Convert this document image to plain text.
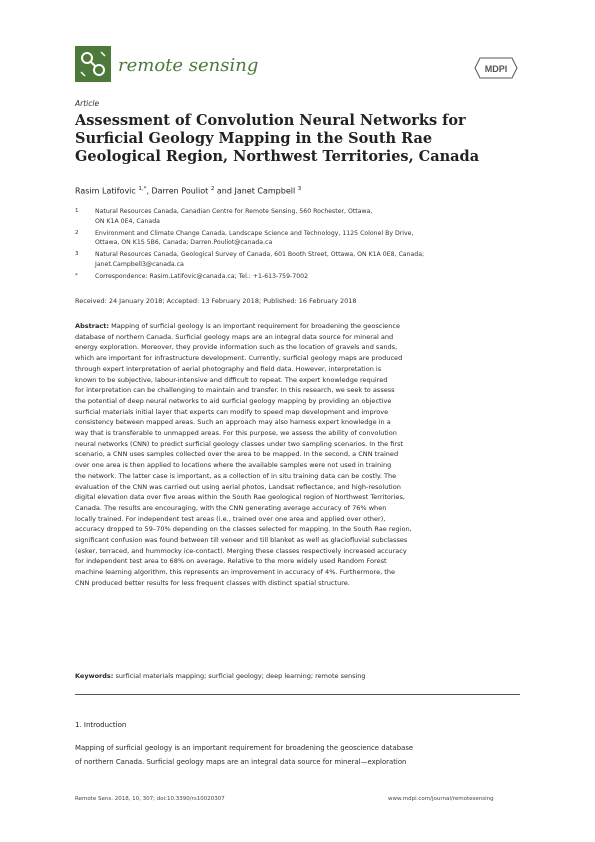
remote sensing	MDPI
Article
Assessment of Convolution Neural Networks for
Surficial Geology Mapping in the South Rae
Geological Region, Northwest Territories, Canada
Rasim Latifovic $^{1,*}$, Darren Pouliot $^2$ and Janet Campbell $^3$
1	Natural Resources Canada, Canadian Centre for Remote Sensing, 560 Rochester, Ottawa,
ON K1A 0E4, Canada
2	Environment and Climate Change Canada, Landscape Science and Technology, 1125 Colonel By Drive,
Ottawa, ON K1S 5B6, Canada; Darren.Pouliot@canada.ca
3	Natural Resources Canada, Geological Survey of Canada, 601 Booth Street, Ottawa, ON K1A 0E8, Canada;
Janet.Campbell3@canada.ca
*	Correspondence: Rasim.Latifovic@canada.ca; Tel.: +1-613-759-7002
Received: 24 January 2018; Accepted: 13 February 2018; Published: 16 February 2018
Abstract: Mapping of surficial geology is an important requirement for broadening the geoscience
database of northern Canada. Surficial geology maps are an integral data source for mineral and
energy exploration. Moreover, they provide information such as the location of gravels and sands,
which are important for infrastructure development. Currently, surficial geology maps are produced
through expert interpretation of aerial photography and field data. However, interpretation is
known to be subjective, labour-intensive and difficult to repeat. The expert knowledge required
for interpretation can be challenging to maintain and transfer. In this research, we seek to assess
the potential of deep neural networks to aid surficial geology mapping by providing an objective
surficial materials initial layer that experts can modify to speed map development and improve
consistency between mapped areas. Such an approach may also harness expert knowledge in a
way that is transferable to unmapped areas. For this purpose, we assess the ability of convolution
neural networks (CNN) to predict surficial geology classes under two sampling scenarios. In the first
scenario, a CNN uses samples collected over the area to be mapped. In the second, a CNN trained
over one area is then applied to locations where the available samples were not used in training
the network. The latter case is important, as a collection of in situ training data can be costly. The
evaluation of the CNN was carried out using aerial photos, Landsat reflectance, and high-resolution
digital elevation data over five areas within the South Rae geological region of Northwest Territories,
Canada. The results are encouraging, with the CNN generating average accuracy of 76% when
locally trained. For independent test areas (i.e., trained over one area and applied over other),
accuracy dropped to 59–70% depending on the classes selected for mapping. In the South Rae region,
significant confusion was found between till veneer and till blanket as well as glaciofluvial subclasses
(esker, terraced, and hummocky ice-contact). Merging these classes respectively increased accuracy
for independent test area to 68% on average. Relative to the more widely used Random Forest
machine learning algorithm, this represents an improvement in accuracy of 4%. Furthermore, the
CNN produced better results for less frequent classes with distinct spatial structure.
Keywords: surficial materials mapping; surficial geology; deep learning; remote sensing
1. Introduction
Mapping of surficial geology is an important requirement for broadening the geoscience database
of northern Canada. Surficial geology maps are an integral data source for mineral—exploration
Remote Sens. 2018, 10, 307; doi:10.3390/rs10020307	www.mdpi.com/journal/remotesensing
